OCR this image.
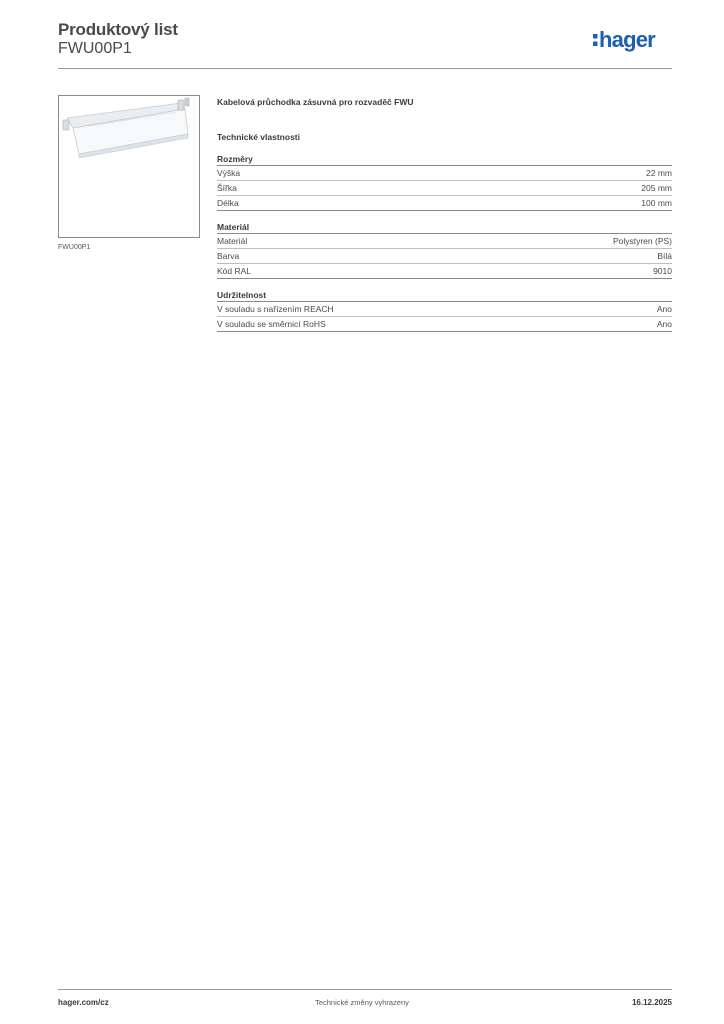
Produktový list
FWU00P1	hager
FWU00P1
Kabelová průchodka zásuvná pro rozvaděč FWU
Technické vlastnosti
Rozměry
Výška	22 mm
Šířka	205 mm
Délka	100 mm
Materiál
Materiál	Polystyren (PS)
Barva	Bílá
Kód RAL	9010
Udržitelnost
V souladu s nařízením REACH	Ano
V souladu se směrnicí RoHS	Ano
hager.com/cz	Technické změny vyhrazeny	16.12.2025
